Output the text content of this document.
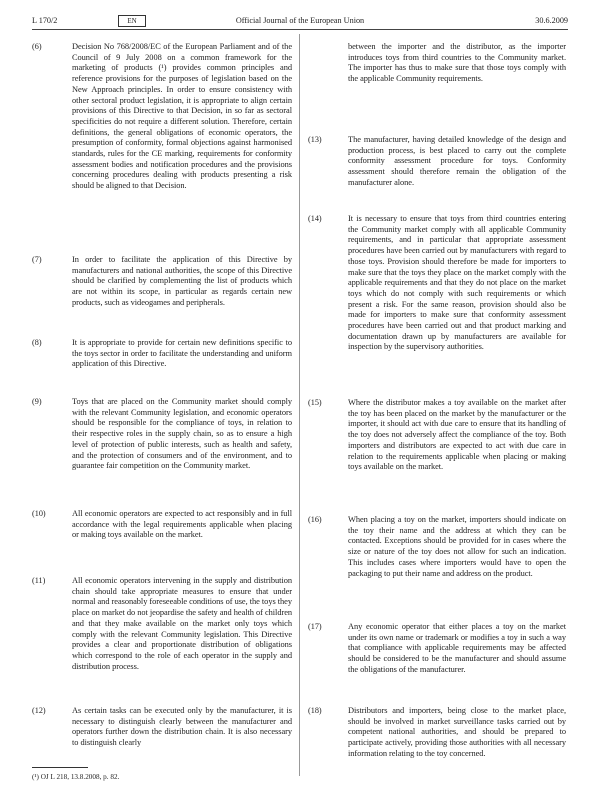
L 170/2	EN	Official Journal of the European Union	30.6.2009
(6)	Decision No 768/2008/EC of the European Parliament and of the Council of 9 July 2008 on a common framework for the marketing of products (¹) provides common principles and reference provisions for the purposes of legislation based on the New Approach principles. In order to ensure consistency with other sectoral product legislation, it is appropriate to align certain provisions of this Directive to that Decision, in so far as sectoral specificities do not require a different solution. Therefore, certain definitions, the general obligations of economic operators, the presumption of conformity, formal objections against harmonised standards, rules for the CE marking, requirements for conformity assessment bodies and notification procedures and the provisions concerning procedures dealing with products presenting a risk should be aligned to that Decision.
(7)	In order to facilitate the application of this Directive by manufacturers and national authorities, the scope of this Directive should be clarified by complementing the list of products which are not within its scope, in particular as regards certain new products, such as videogames and peripherals.
(8)	It is appropriate to provide for certain new definitions specific to the toys sector in order to facilitate the understanding and uniform application of this Directive.
(9)	Toys that are placed on the Community market should comply with the relevant Community legislation, and economic operators should be responsible for the compliance of toys, in relation to their respective roles in the supply chain, so as to ensure a high level of protection of public interests, such as health and safety, and the protection of consumers and of the environment, and to guarantee fair competition on the Community market.
(10)	All economic operators are expected to act responsibly and in full accordance with the legal requirements applicable when placing or making toys available on the market.
(11)	All economic operators intervening in the supply and distribution chain should take appropriate measures to ensure that under normal and reasonably foreseeable conditions of use, the toys they place on market do not jeopardise the safety and health of children and that they make available on the market only toys which comply with the relevant Community legislation. This Directive provides a clear and proportionate distribution of obligations which correspond to the role of each operator in the supply and distribution process.
(12)	As certain tasks can be executed only by the manufacturer, it is necessary to distinguish clearly between the manufacturer and operators further down the distribution chain. It is also necessary to distinguish clearly
between the importer and the distributor, as the importer introduces toys from third countries to the Community market. The importer has thus to make sure that those toys comply with the applicable Community requirements.
(13)	The manufacturer, having detailed knowledge of the design and production process, is best placed to carry out the complete conformity assessment procedure for toys. Conformity assessment should therefore remain the obligation of the manufacturer alone.
(14)	It is necessary to ensure that toys from third countries entering the Community market comply with all applicable Community requirements, and in particular that appropriate assessment procedures have been carried out by manufacturers with regard to those toys. Provision should therefore be made for importers to make sure that the toys they place on the market comply with the applicable requirements and that they do not place on the market toys which do not comply with such requirements or which present a risk. For the same reason, provision should also be made for importers to make sure that conformity assessment procedures have been carried out and that product marking and documentation drawn up by manufacturers are available for inspection by the supervisory authorities.
(15)	Where the distributor makes a toy available on the market after the toy has been placed on the market by the manufacturer or the importer, it should act with due care to ensure that its handling of the toy does not adversely affect the compliance of the toy. Both importers and distributors are expected to act with due care in relation to the requirements applicable when placing or making toys available on the market.
(16)	When placing a toy on the market, importers should indicate on the toy their name and the address at which they can be contacted. Exceptions should be provided for in cases where the size or nature of the toy does not allow for such an indication. This includes cases where importers would have to open the packaging to put their name and address on the product.
(17)	Any economic operator that either places a toy on the market under its own name or trademark or modifies a toy in such a way that compliance with applicable requirements may be affected should be considered to be the manufacturer and should assume the obligations of the manufacturer.
(18)	Distributors and importers, being close to the market place, should be involved in market surveillance tasks carried out by competent national authorities, and should be prepared to participate actively, providing those authorities with all necessary information relating to the toy concerned.
(¹) OJ L 218, 13.8.2008, p. 82.
